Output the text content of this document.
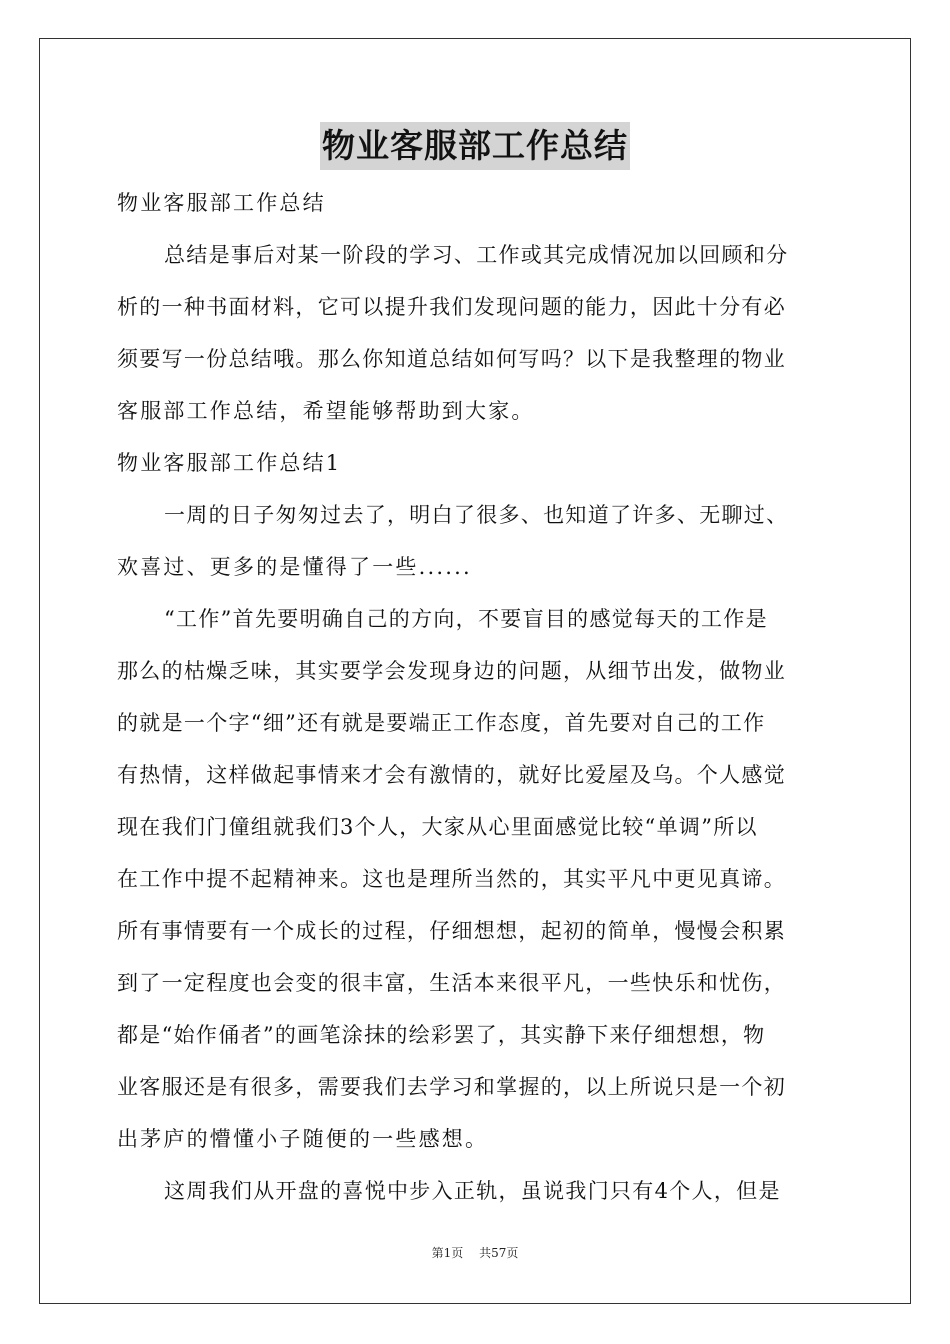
物业客服部工作总结
物业客服部工作总结
总结是事后对某一阶段的学习、工作或其完成情况加以回顾和分
析的一种书面材料，它可以提升我们发现问题的能力，因此十分有必
须要写一份总结哦。那么你知道总结如何写吗？以下是我整理的物业
客服部工作总结，希望能够帮助到大家。
物业客服部工作总结1
一周的日子匆匆过去了，明白了很多、也知道了许多、无聊过、
欢喜过、更多的是懂得了一些......
“工作”首先要明确自己的方向，不要盲目的感觉每天的工作是
那么的枯燥乏味，其实要学会发现身边的问题，从细节出发，做物业
的就是一个字“细”还有就是要端正工作态度，首先要对自己的工作
有热情，这样做起事情来才会有激情的，就好比爱屋及乌。个人感觉
现在我们门僮组就我们3个人，大家从心里面感觉比较“单调”所以
在工作中提不起精神来。这也是理所当然的，其实平凡中更见真谛。
所有事情要有一个成长的过程，仔细想想，起初的简单，慢慢会积累
到了一定程度也会变的很丰富，生活本来很平凡，一些快乐和忧伤，
都是“始作俑者”的画笔涂抹的绘彩罢了，其实静下来仔细想想，物
业客服还是有很多，需要我们去学习和掌握的，以上所说只是一个初
出茅庐的懵懂小子随便的一些感想。
这周我们从开盘的喜悦中步入正轨，虽说我门只有4个人，但是
第1页 共57页
